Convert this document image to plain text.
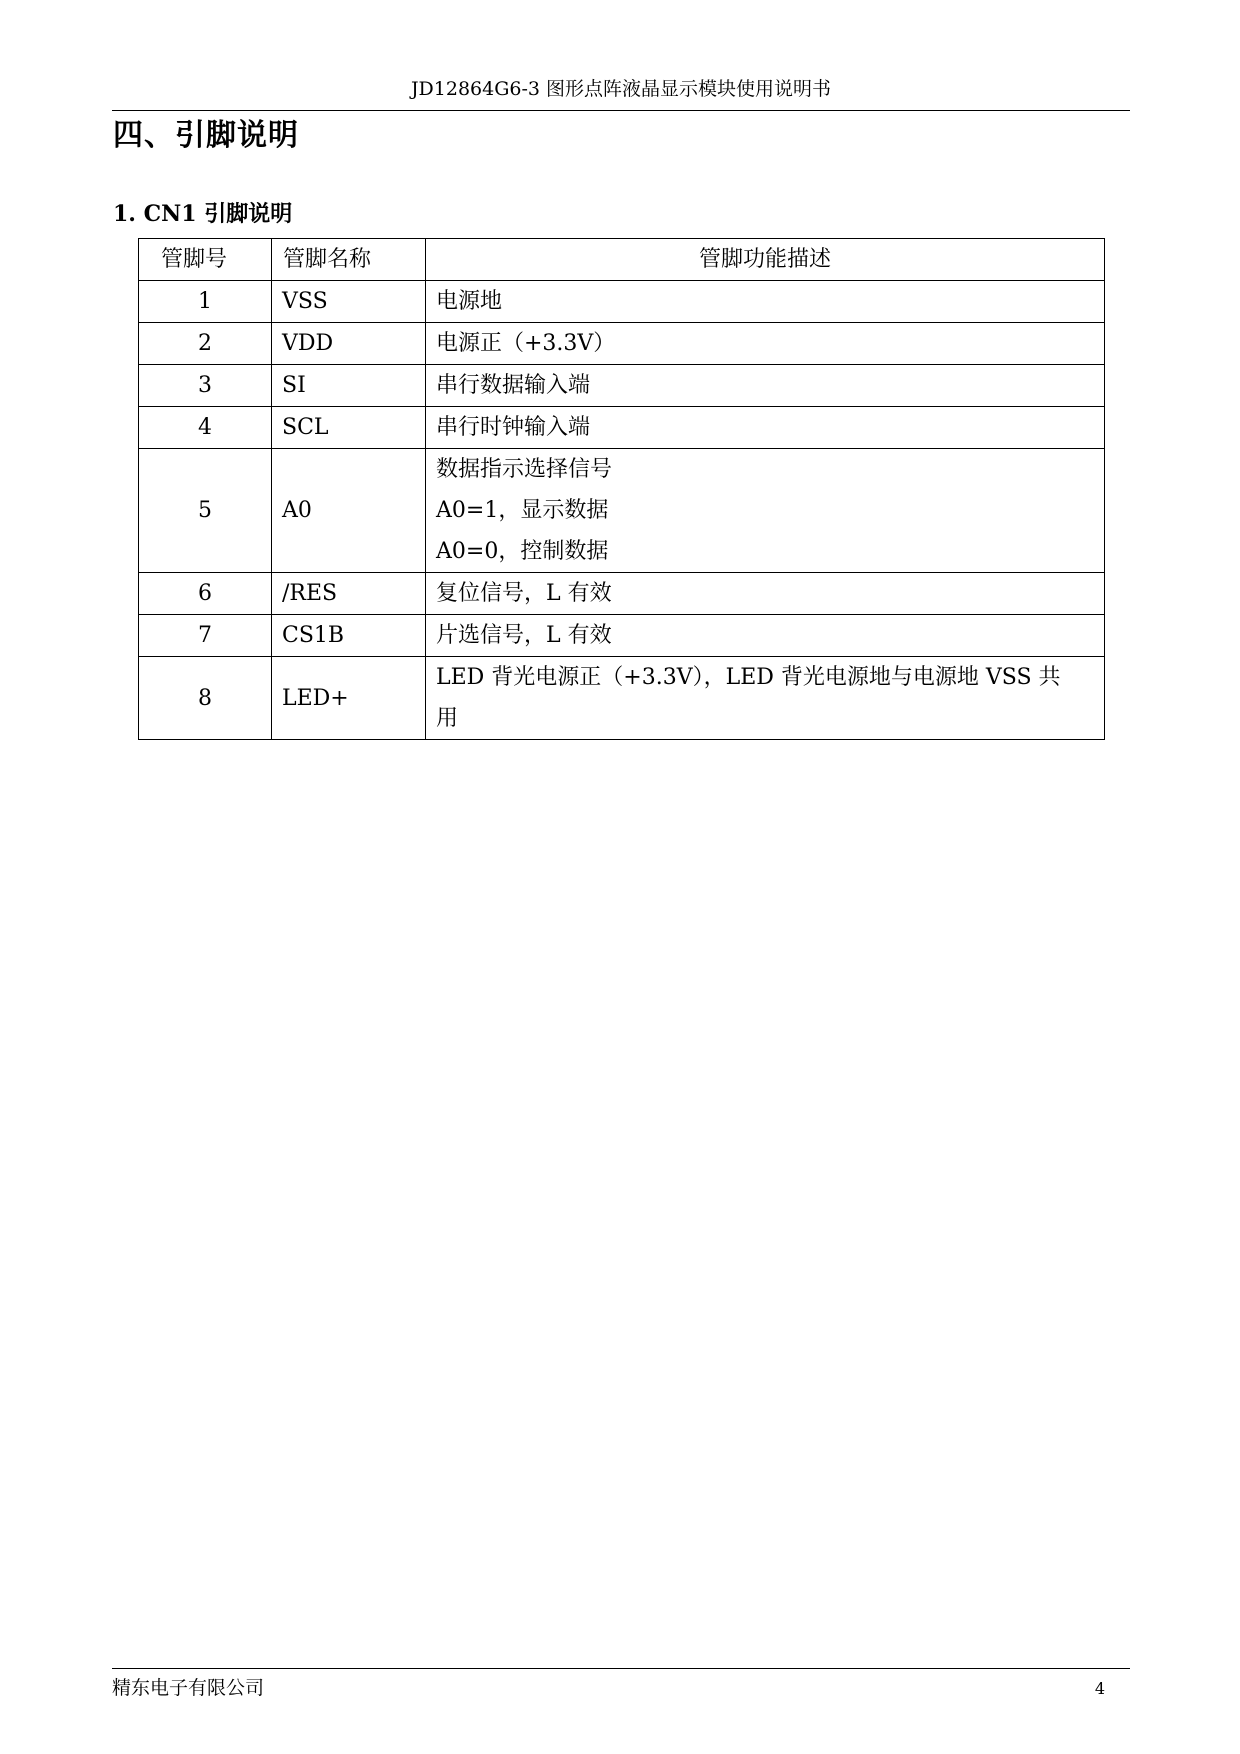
JD12864G6-3 图形点阵液晶显示模块使用说明书
四、引脚说明
1. CN1 引脚说明
管脚号	管脚名称	管脚功能描述
1	VSS	电源地

2	VDD	电源正（+3.3V）

3	SI	串行数据输入端

4	SCL	串行时钟输入端

5	A0	数据指示选择信号
A0=1，显示数据
A0=0，控制数据

6	/RES	复位信号，L 有效

7	CS1B	片选信号，L 有效

8	LED+	LED 背光电源正（+3.3V），LED 背光电源地与电源地 VSS 共
用
精东电子有限公司	4
